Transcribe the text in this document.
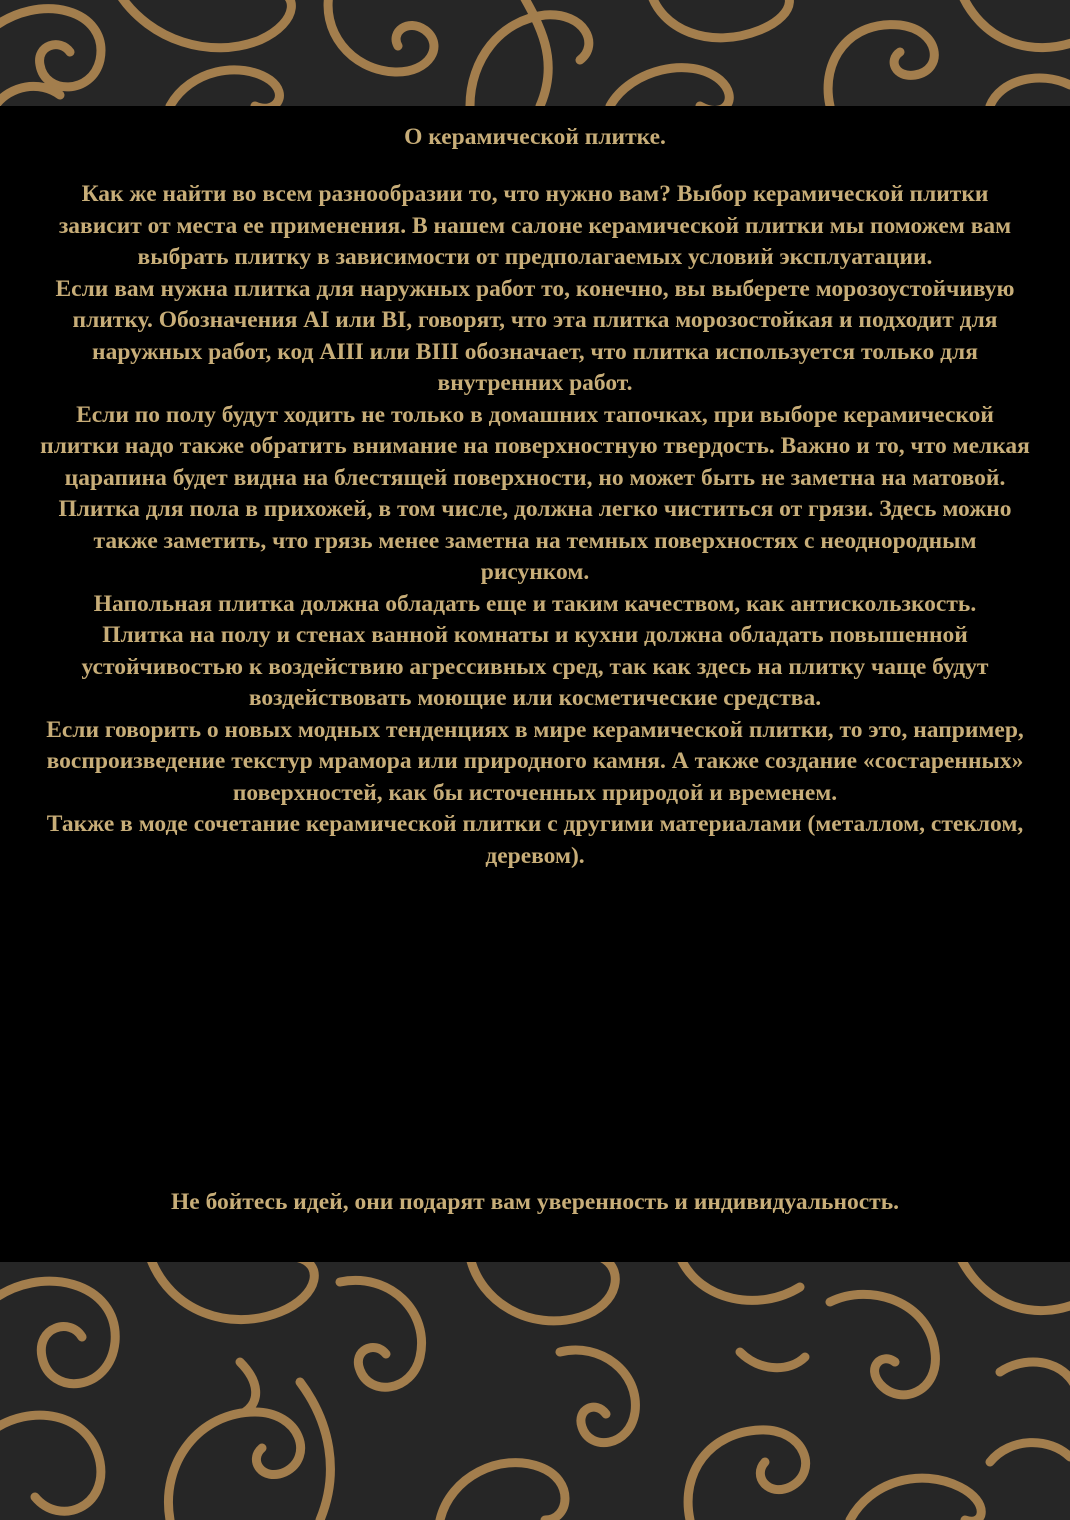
О керамической плитке.

Как же найти во всем разнообразии то, что нужно вам? Выбор керамической плитки зависит от места ее применения. В нашем салоне керамической плитки мы поможем вам выбрать плитку в зависимости от предполагаемых условий эксплуатации.

Если вам нужна плитка для наружных работ то, конечно, вы выберете морозоустойчивую плитку. Обозначения AI или BI, говорят, что эта плитка морозостойкая и подходит для наружных работ, код AIII или BIII обозначает, что плитка используется только для внутренних работ.

Если по полу будут ходить не только в домашних тапочках, при выборе керамической плитки надо также обратить внимание на поверхностную твердость. Важно и то, что мелкая царапина будет видна на блестящей поверхности, но может быть не заметна на матовой.

Плитка для пола в прихожей, в том числе, должна легко чиститься от грязи. Здесь можно также заметить, что грязь менее заметна на темных поверхностях с неоднородным рисунком.

Напольная плитка должна обладать еще и таким качеством, как антискользкость.

Плитка на полу и стенах ванной комнаты и кухни должна обладать повышенной устойчивостью к воздействию агрессивных сред, так как здесь на плитку чаще будут воздействовать моющие или косметические средства.

Если говорить о новых модных тенденциях в мире керамической плитки, то это, например, воспроизведение текстур мрамора или природного камня. А также создание «состаренных» поверхностей, как бы источенных природой и временем.

Также в моде сочетание керамической плитки с другими материалами (металлом, стеклом, деревом).

Не бойтесь идей, они подарят вам уверенность и индивидуальность.
